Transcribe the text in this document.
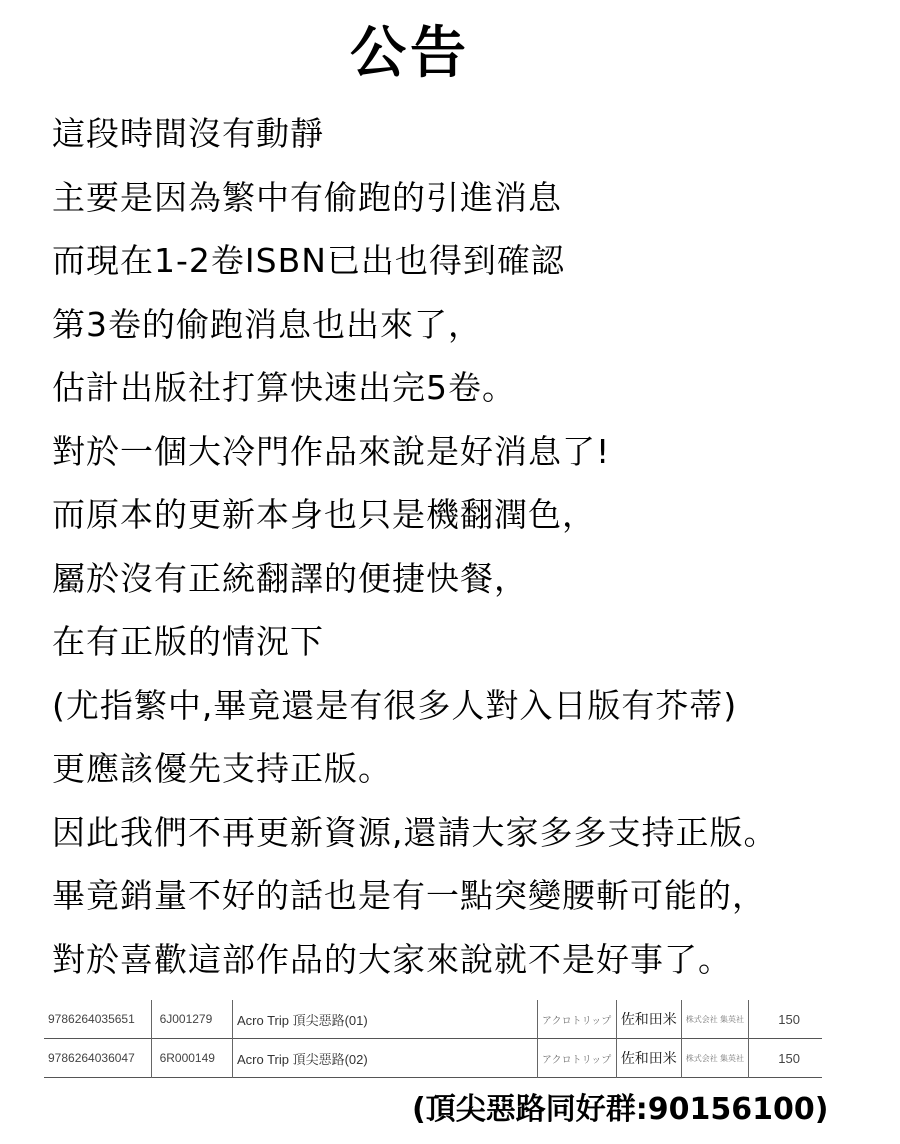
公告
這段時間沒有動靜
主要是因為繁中有偷跑的引進消息
而現在1-2卷ISBN已出也得到確認
第3卷的偷跑消息也出來了，
估計出版社打算快速出完5卷。
對於一個大冷門作品來說是好消息了!
而原本的更新本身也只是機翻潤色，
屬於沒有正統翻譯的便捷快餐，
在有正版的情況下
(尤指繁中,畢竟還是有很多人對入日版有芥蒂)
更應該優先支持正版。
因此我們不再更新資源,還請大家多多支持正版。
畢竟銷量不好的話也是有一點突變腰斬可能的，
對於喜歡這部作品的大家來說就不是好事了。
9786264035651	6J001279	Acro Trip 頂尖惡路(01)	アクロトリップ	佐和田米	株式会社 集英社	150
9786264036047	6R000149	Acro Trip 頂尖惡路(02)	アクロトリップ	佐和田米	株式会社 集英社	150
(頂尖惡路同好群:90156100)
